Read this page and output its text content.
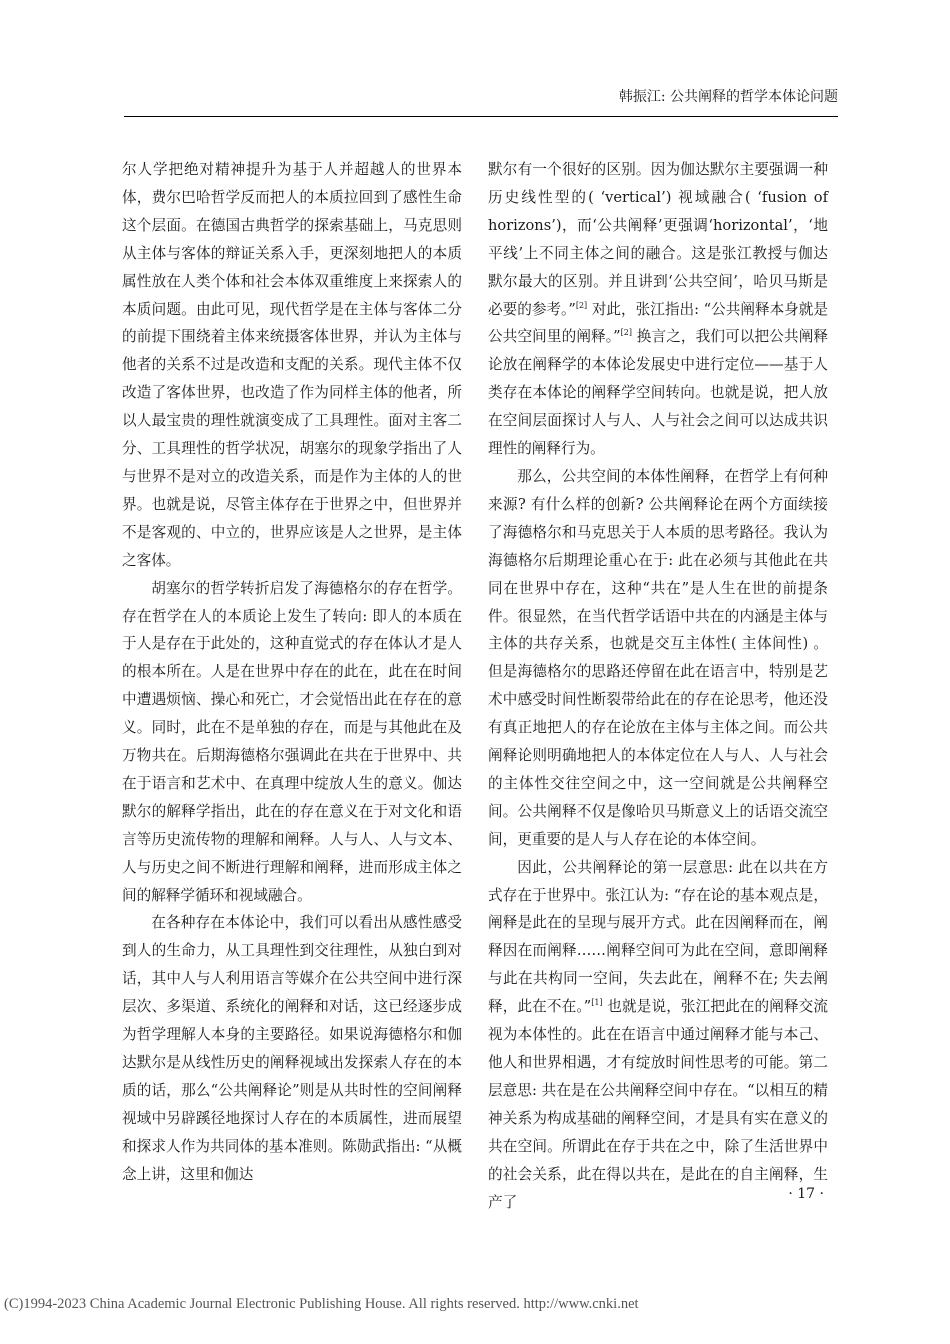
韩振江: 公共阐释的哲学本体论问题

尔人学把绝对精神提升为基于人并超越人的世界本体，费尔巴哈哲学反而把人的本质拉回到了感性生命这个层面。在德国古典哲学的探索基础上，马克思则从主体与客体的辩证关系入手，更深刻地把人的本质属性放在人类个体和社会本体双重维度上来探索人的本质问题。由此可见，现代哲学是在主体与客体二分的前提下围绕着主体来统摄客体世界，并认为主体与他者的关系不过是改造和支配的关系。现代主体不仅改造了客体世界，也改造了作为同样主体的他者，所以人最宝贵的理性就演变成了工具理性。面对主客二分、工具理性的哲学状况，胡塞尔的现象学指出了人与世界不是对立的改造关系，而是作为主体的人的世界。也就是说，尽管主体存在于世界之中，但世界并不是客观的、中立的，世界应该是人之世界，是主体之客体。

胡塞尔的哲学转折启发了海德格尔的存在哲学。存在哲学在人的本质论上发生了转向: 即人的本质在于人是存在于此处的，这种直觉式的存在体认才是人的根本所在。人是在世界中存在的此在，此在在时间中遭遇烦恼、操心和死亡，才会觉悟出此在存在的意义。同时，此在不是单独的存在，而是与其他此在及万物共在。后期海德格尔强调此在共在于世界中、共在于语言和艺术中、在真理中绽放人生的意义。伽达默尔的解释学指出，此在的存在意义在于对文化和语言等历史流传物的理解和阐释。人与人、人与文本、人与历史之间不断进行理解和阐释，进而形成主体之间的解释学循环和视域融合。

在各种存在本体论中，我们可以看出从感性感受到人的生命力，从工具理性到交往理性，从独白到对话，其中人与人利用语言等媒介在公共空间中进行深层次、多渠道、系统化的阐释和对话，这已经逐步成为哲学理解人本身的主要路径。如果说海德格尔和伽达默尔是从线性历史的阐释视域出发探索人存在的本质的话，那么“公共阐释论”则是从共时性的空间阐释视域中另辟蹊径地探讨人存在的本质属性，进而展望和探求人作为共同体的基本准则。陈勋武指出: “从概念上讲，这里和伽达

默尔有一个很好的区别。因为伽达默尔主要强调一种历史线性型的( ‘vertical’) 视域融合( ‘fusion of horizons’)，而‘公共阐释’更强调‘horizontal’，‘地平线’上不同主体之间的融合。这是张江教授与伽达默尔最大的区别。并且讲到‘公共空间’，哈贝马斯是必要的参考。”[2] 对此，张江指出: “公共阐释本身就是公共空间里的阐释。”[2] 换言之，我们可以把公共阐释论放在阐释学的本体论发展史中进行定位——基于人类存在本体论的阐释学空间转向。也就是说，把人放在空间层面探讨人与人、人与社会之间可以达成共识理性的阐释行为。

那么，公共空间的本体性阐释，在哲学上有何种来源? 有什么样的创新? 公共阐释论在两个方面续接了海德格尔和马克思关于人本质的思考路径。我认为海德格尔后期理论重心在于: 此在必须与其他此在共同在世界中存在，这种“共在”是人生在世的前提条件。很显然，在当代哲学话语中共在的内涵是主体与主体的共存关系，也就是交互主体性( 主体间性) 。但是海德格尔的思路还停留在此在语言中，特别是艺术中感受时间性断裂带给此在的存在论思考，他还没有真正地把人的存在论放在主体与主体之间。而公共阐释论则明确地把人的本体定位在人与人、人与社会的主体性交往空间之中，这一空间就是公共阐释空间。公共阐释不仅是像哈贝马斯意义上的话语交流空间，更重要的是人与人存在论的本体空间。

因此，公共阐释论的第一层意思: 此在以共在方式存在于世界中。张江认为: “存在论的基本观点是，阐释是此在的呈现与展开方式。此在因阐释而在，阐释因在而阐释……阐释空间可为此在空间，意即阐释与此在共构同一空间，失去此在，阐释不在; 失去阐释，此在不在。”[1] 也就是说，张江把此在的阐释交流视为本体性的。此在在语言中通过阐释才能与本己、他人和世界相遇，才有绽放时间性思考的可能。第二层意思: 共在是在公共阐释空间中存在。“以相互的精神关系为构成基础的阐释空间，才是具有实在意义的共在空间。所谓此在存于共在之中，除了生活世界中的社会关系，此在得以共在，是此在的自主阐释，生产了	· 17 ·
(C)1994-2023 China Academic Journal Electronic Publishing House. All rights reserved. http://www.cnki.net
